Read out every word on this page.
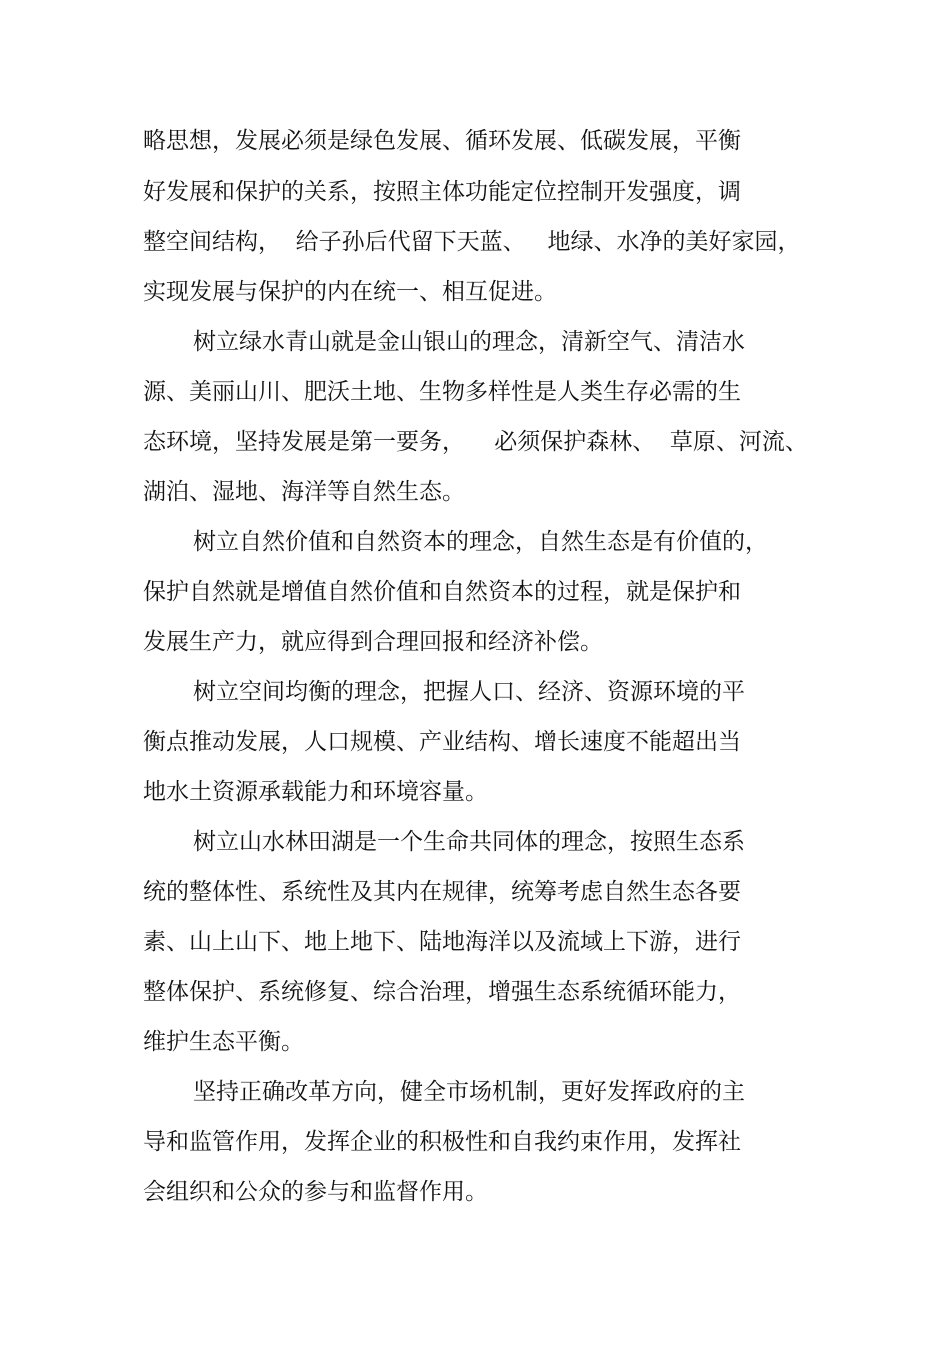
略思想，发展必须是绿色发展、循环发展、低碳发展，平衡

好发展和保护的关系，按照主体功能定位控制开发强度，调

整空间结构，  给子孙后代留下天蓝、   地绿、水净的美好家园，

实现发展与保护的内在统一、相互促进。

树立绿水青山就是金山银山的理念，清新空气、清洁水

源、美丽山川、肥沃土地、生物多样性是人类生存必需的生

态环境，坚持发展是第一要务，    必须保护森林、  草原、河流、

湖泊、湿地、海洋等自然生态。

树立自然价值和自然资本的理念，自然生态是有价值的，

保护自然就是增值自然价值和自然资本的过程，就是保护和

发展生产力，就应得到合理回报和经济补偿。

树立空间均衡的理念，把握人口、经济、资源环境的平

衡点推动发展，人口规模、产业结构、增长速度不能超出当

地水土资源承载能力和环境容量。

树立山水林田湖是一个生命共同体的理念，按照生态系

统的整体性、系统性及其内在规律，统筹考虑自然生态各要

素、山上山下、地上地下、陆地海洋以及流域上下游，进行

整体保护、系统修复、综合治理，增强生态系统循环能力，

维护生态平衡。

坚持正确改革方向，健全市场机制，更好发挥政府的主

导和监管作用，发挥企业的积极性和自我约束作用，发挥社

会组织和公众的参与和监督作用。
